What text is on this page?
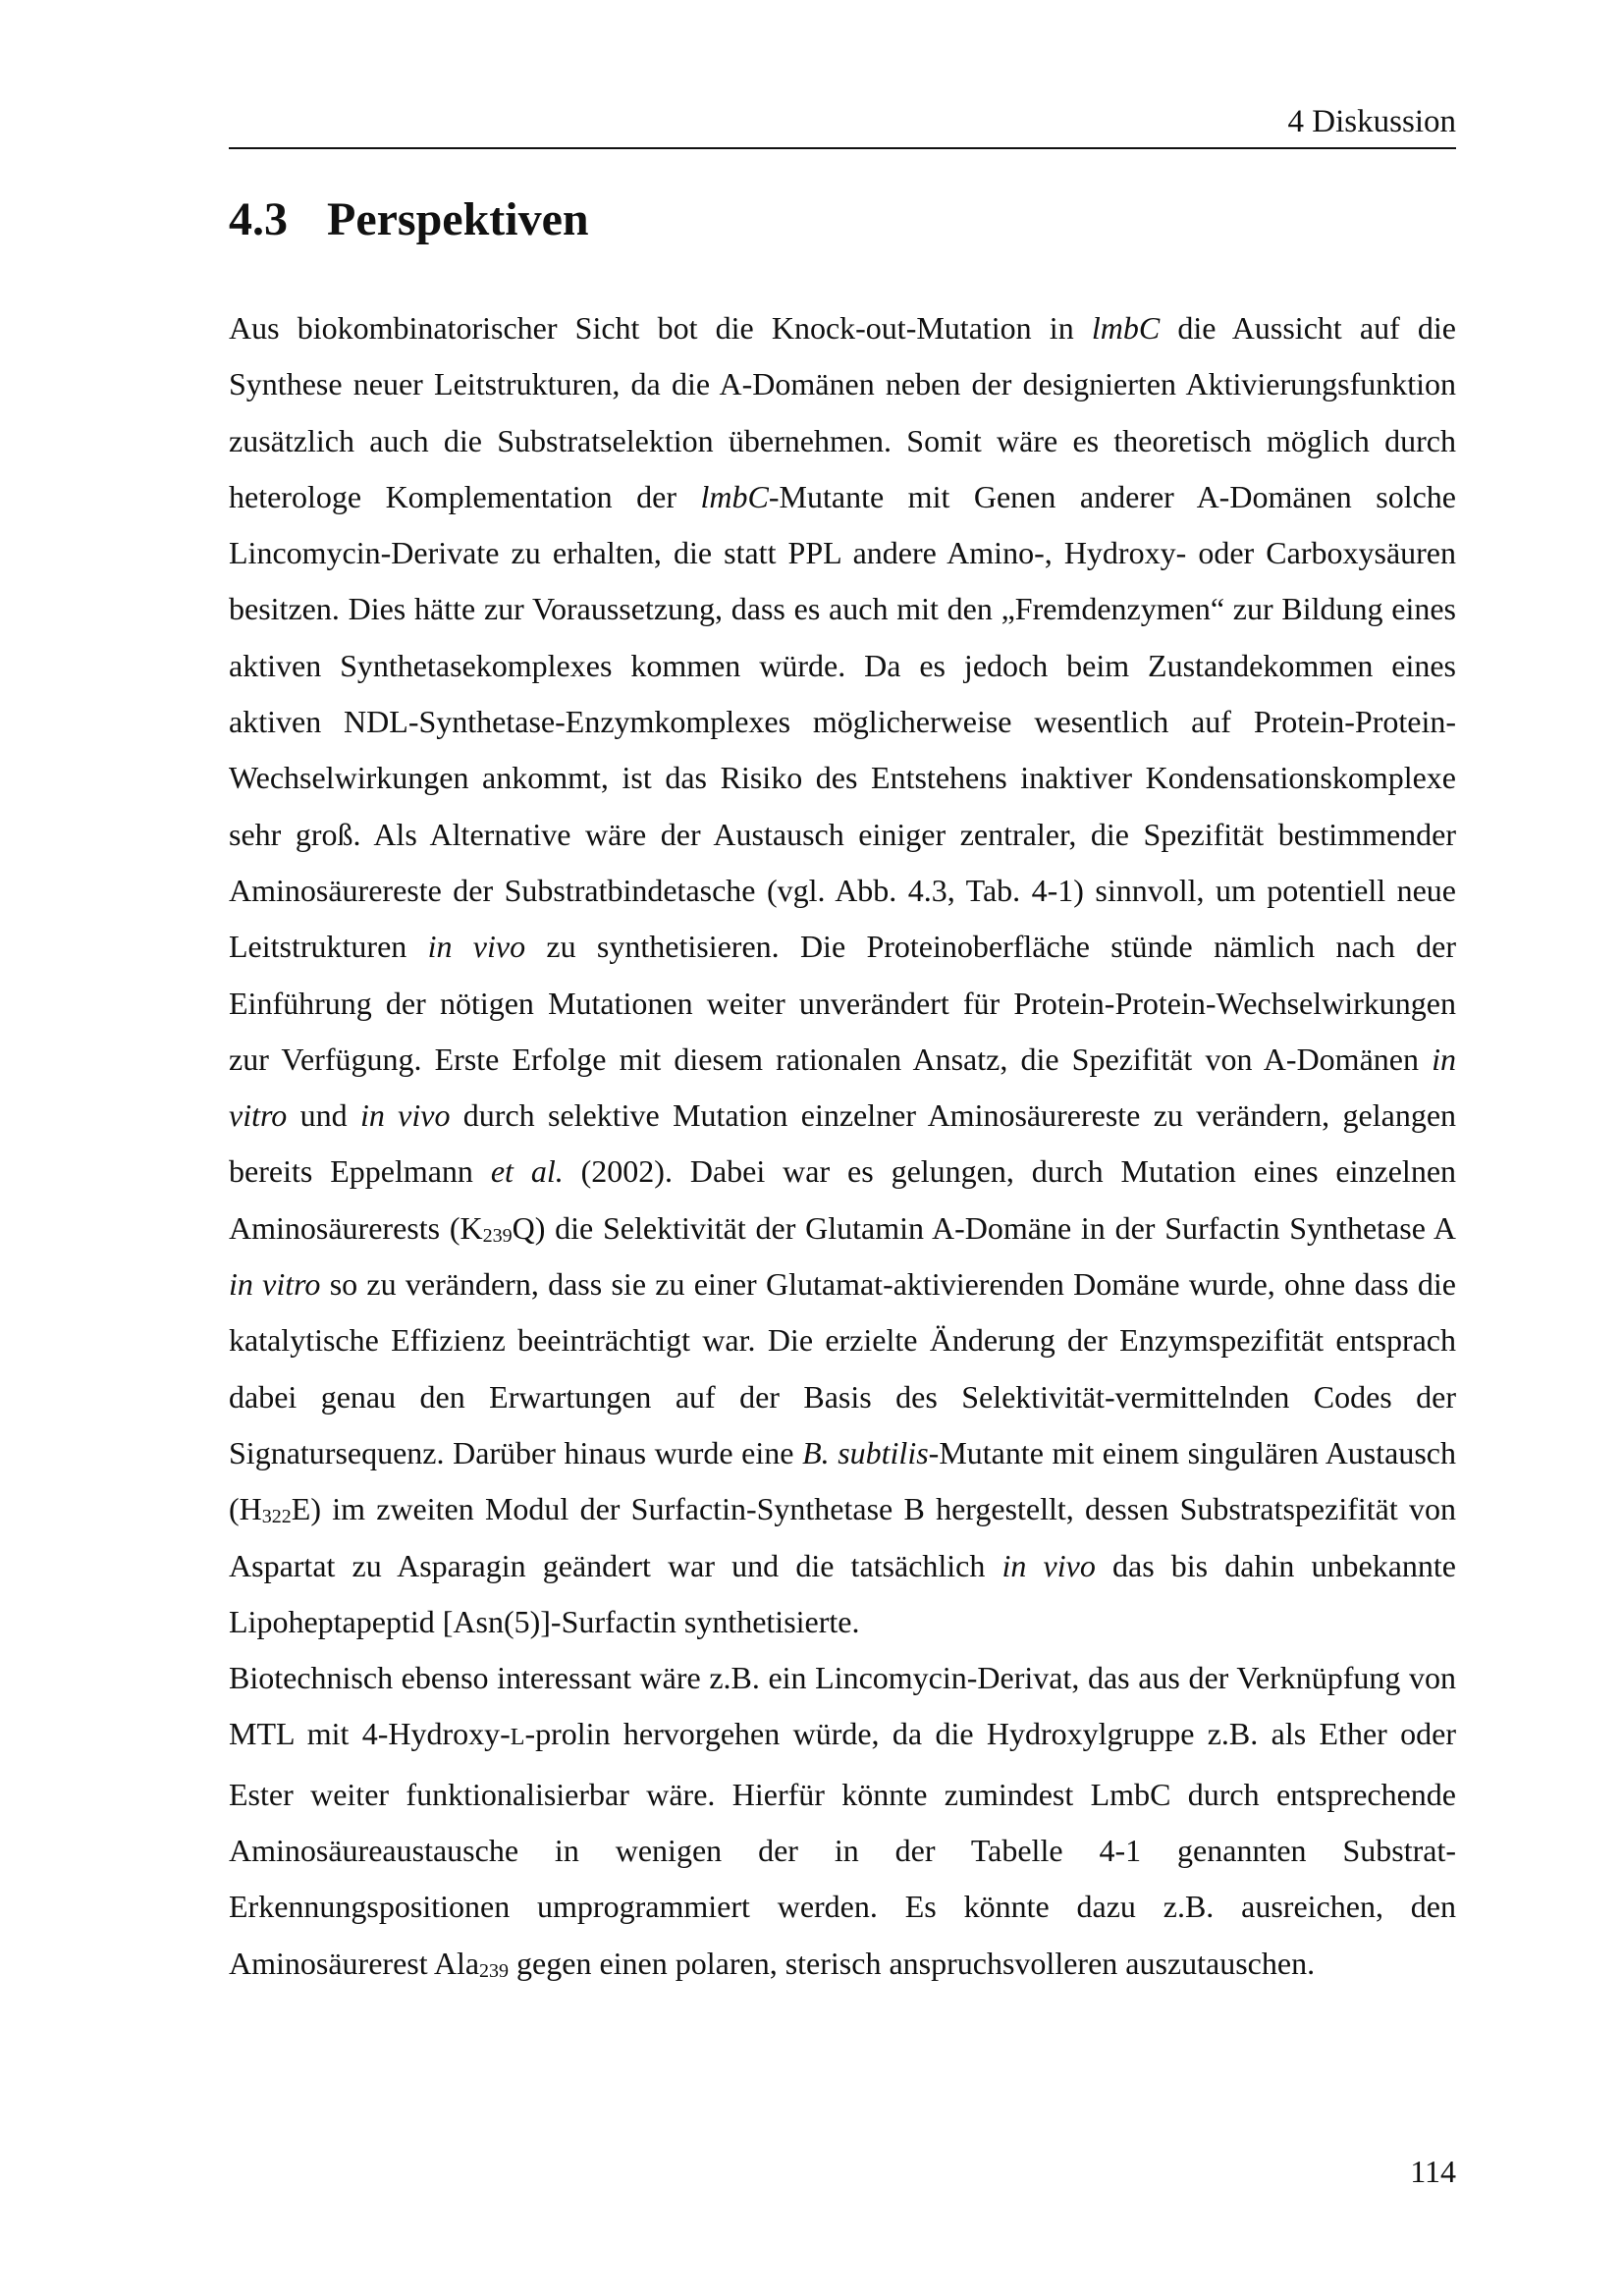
4 Diskussion
4.3 Perspektiven

Aus biokombinatorischer Sicht bot die Knock-out-Mutation in lmbC die Aussicht auf die Synthese neuer Leitstrukturen, da die A-Domänen neben der designierten Aktivierungsfunktion zusätzlich auch die Substratselektion übernehmen. Somit wäre es theoretisch möglich durch heterologe Komplementation der lmbC-Mutante mit Genen anderer A-Domänen solche Lincomycin-Derivate zu erhalten, die statt PPL andere Amino-, Hydroxy- oder Carboxysäuren besitzen. Dies hätte zur Voraussetzung, dass es auch mit den „Fremdenzymen“ zur Bildung eines aktiven Synthetasekomplexes kommen würde. Da es jedoch beim Zustandekommen eines aktiven NDL-Synthetase-Enzymkomplexes möglicherweise wesentlich auf Protein-Protein-Wechselwirkungen ankommt, ist das Risiko des Entstehens inaktiver Kondensationskomplexe sehr groß. Als Alternative wäre der Austausch einiger zentraler, die Spezifität bestimmender Aminosäurereste der Substratbindetasche (vgl. Abb. 4.3, Tab. 4-1) sinnvoll, um potentiell neue Leitstrukturen in vivo zu synthetisieren. Die Proteinoberfläche stünde nämlich nach der Einführung der nötigen Mutationen weiter unverändert für Protein-Protein-Wechselwirkungen zur Verfügung. Erste Erfolge mit diesem rationalen Ansatz, die Spezifität von A-Domänen in vitro und in vivo durch selektive Mutation einzelner Aminosäurereste zu verändern, gelangen bereits Eppelmann et al. (2002). Dabei war es gelungen, durch Mutation eines einzelnen Aminosäurerests (K239Q) die Selektivität der Glutamin A-Domäne in der Surfactin Synthetase A in vitro so zu verändern, dass sie zu einer Glutamat-aktivierenden Domäne wurde, ohne dass die katalytische Effizienz beeinträchtigt war. Die erzielte Änderung der Enzymspezifität entsprach dabei genau den Erwartungen auf der Basis des Selektivität-vermittelnden Codes der Signatursequenz. Darüber hinaus wurde eine B. subtilis-Mutante mit einem singulären Austausch (H322E) im zweiten Modul der Surfactin-Synthetase B hergestellt, dessen Substratspezifität von Aspartat zu Asparagin geändert war und die tatsächlich in vivo das bis dahin unbekannte Lipoheptapeptid [Asn(5)]-Surfactin synthetisierte.

Biotechnisch ebenso interessant wäre z.B. ein Lincomycin-Derivat, das aus der Verknüpfung von MTL mit 4-Hydroxy-L-prolin hervorgehen würde, da die Hydroxylgruppe z.B. als Ether oder Ester weiter funktionalisierbar wäre. Hierfür könnte zumindest LmbC durch entsprechende Aminosäureaustausche in wenigen der in der Tabelle 4-1 genannten Substrat-Erkennungspositionen umprogrammiert werden. Es könnte dazu z.B. ausreichen, den Aminosäurerest Ala239 gegen einen polaren, sterisch anspruchsvolleren auszutauschen.

114
